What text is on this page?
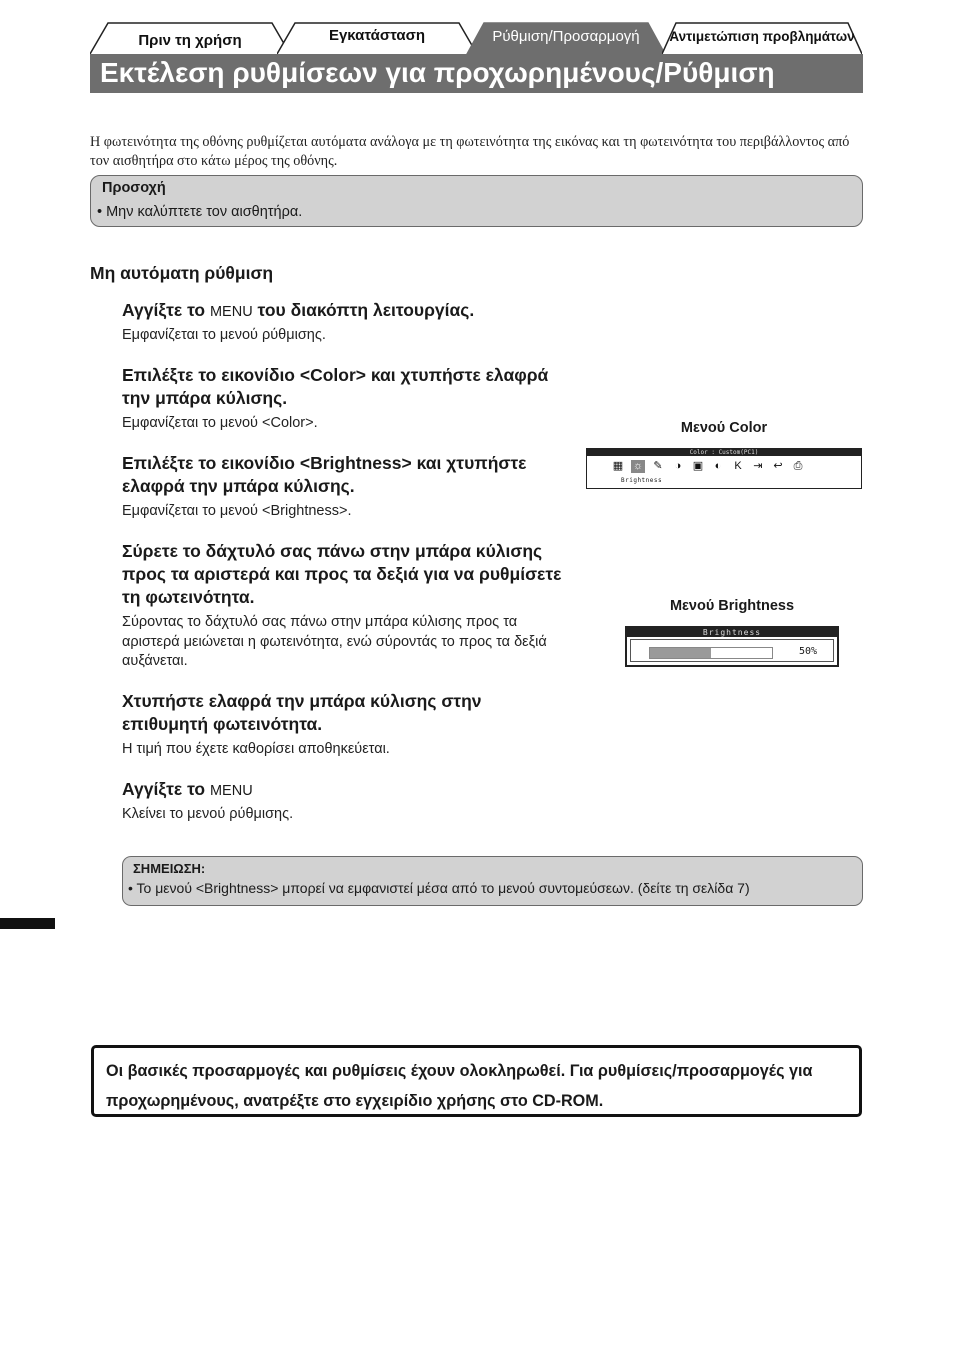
Πριν τη χρήση	Εγκατάσταση	Ρύθμιση/Προσαρμογή Αντιμετώπιση προβλημάτων
Εκτέλεση ρυθμίσεων για προχωρημένους/Ρύθμιση
Η φωτεινότητα της οθόνης ρυθμίζεται αυτόματα ανάλογα με τη φωτεινότητα της εικόνας και τη φωτεινότητα του περιβάλλοντος από τον αισθητήρα στο κάτω μέρος της οθόνης.
Προσοχή
• Μην καλύπτετε τον αισθητήρα.
Μη αυτόματη ρύθμιση
Αγγίξτε το MENU του διακόπτη λειτουργίας.
Εμφανίζεται το μενού ρύθμισης.
Επιλέξτε το εικονίδιο <Color> και χτυπήστε ελαφρά την μπάρα κύλισης.
Εμφανίζεται το μενού <Color>.
Επιλέξτε το εικονίδιο <Brightness> και χτυπήστε ελαφρά την μπάρα κύλισης.
Εμφανίζεται το μενού <Brightness>.
Σύρετε το δάχτυλό σας πάνω στην μπάρα κύλισης προς τα αριστερά και προς τα δεξιά για να ρυθμίσετε τη φωτεινότητα.
Σύροντας το δάχτυλό σας πάνω στην μπάρα κύλισης προς τα αριστερά μειώνεται η φωτεινότητα, ενώ σύροντάς το προς τα δεξιά αυξάνεται.
Χτυπήστε ελαφρά την μπάρα κύλισης στην επιθυμητή φωτεινότητα.
Η τιμή που έχετε καθορίσει αποθηκεύεται.
Αγγίξτε το MENU
Κλείνει το μενού ρύθμισης.
Μενού Color
Color : Custom(PC1)
▦ ☼ ✎	◑	▣	◐	K	⇥ ↩ ⎙
Brightness
Μενού Brightness
Brightness
50%
ΣΗΜΕΙΩΣΗ:
• Το μενού <Brightness> μπορεί να εμφανιστεί μέσα από το μενού συντομεύσεων. (δείτε τη σελίδα 7)

Οι βασικές προσαρμογές και ρυθμίσεις έχουν ολοκληρωθεί. Για ρυθμίσεις/προσαρμογές για προχωρημένους, ανατρέξτε στο εγχειρίδιο χρήσης στο CD-ROM.
